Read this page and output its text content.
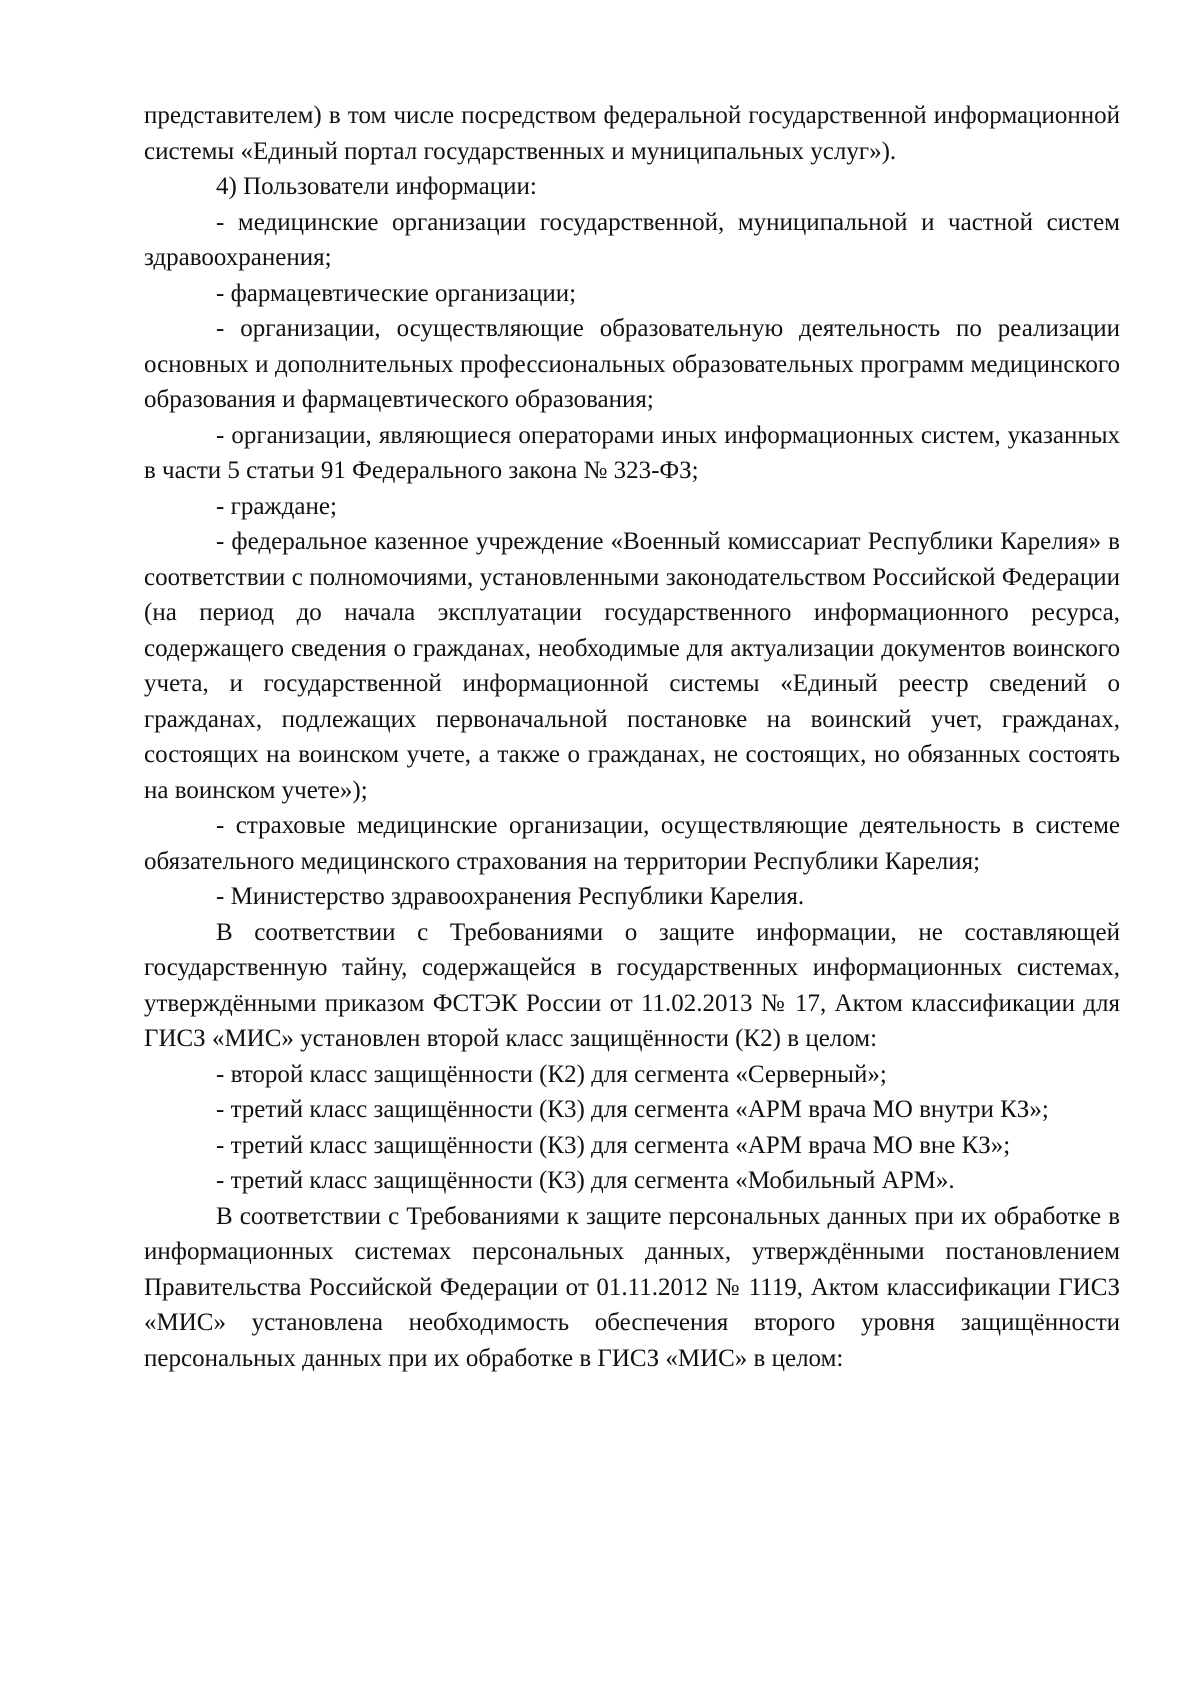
представителем) в том числе посредством федеральной государственной информационной системы «Единый портал государственных и муниципальных услуг»).

4) Пользователи информации:

- медицинские организации государственной, муниципальной и частной систем здравоохранения;

- фармацевтические организации;

- организации, осуществляющие образовательную деятельность по реализации основных и дополнительных профессиональных образовательных программ медицинского образования и фармацевтического образования;

- организации, являющиеся операторами иных информационных систем, указанных в части 5 статьи 91 Федерального закона № 323-ФЗ;

- граждане;

- федеральное казенное учреждение «Военный комиссариат Республики Карелия» в соответствии с полномочиями, установленными законодательством Российской Федерации (на период до начала эксплуатации государственного информационного ресурса, содержащего сведения о гражданах, необходимые для актуализации документов воинского учета, и государственной информационной системы «Единый реестр сведений о гражданах, подлежащих первоначальной постановке на воинский учет, гражданах, состоящих на воинском учете, а также о гражданах, не состоящих, но обязанных состоять на воинском учете»);

- страховые медицинские организации, осуществляющие деятельность в системе обязательного медицинского страхования на территории Республики Карелия;

- Министерство здравоохранения Республики Карелия.

В соответствии с Требованиями о защите информации, не составляющей государственную тайну, содержащейся в государственных информационных системах, утверждёнными приказом ФСТЭК России от 11.02.2013 № 17, Актом классификации для ГИСЗ «МИС» установлен второй класс защищённости (К2) в целом:

- второй класс защищённости (К2) для сегмента «Серверный»;

- третий класс защищённости (К3) для сегмента «АРМ врача МО внутри КЗ»;

- третий класс защищённости (К3) для сегмента «АРМ врача МО вне КЗ»;

- третий класс защищённости (К3) для сегмента «Мобильный АРМ».

В соответствии с Требованиями к защите персональных данных при их обработке в информационных системах персональных данных, утверждёнными постановлением Правительства Российской Федерации от 01.11.2012 № 1119, Актом классификации ГИСЗ «МИС» установлена необходимость обеспечения второго уровня защищённости персональных данных при их обработке в ГИСЗ «МИС» в целом:
